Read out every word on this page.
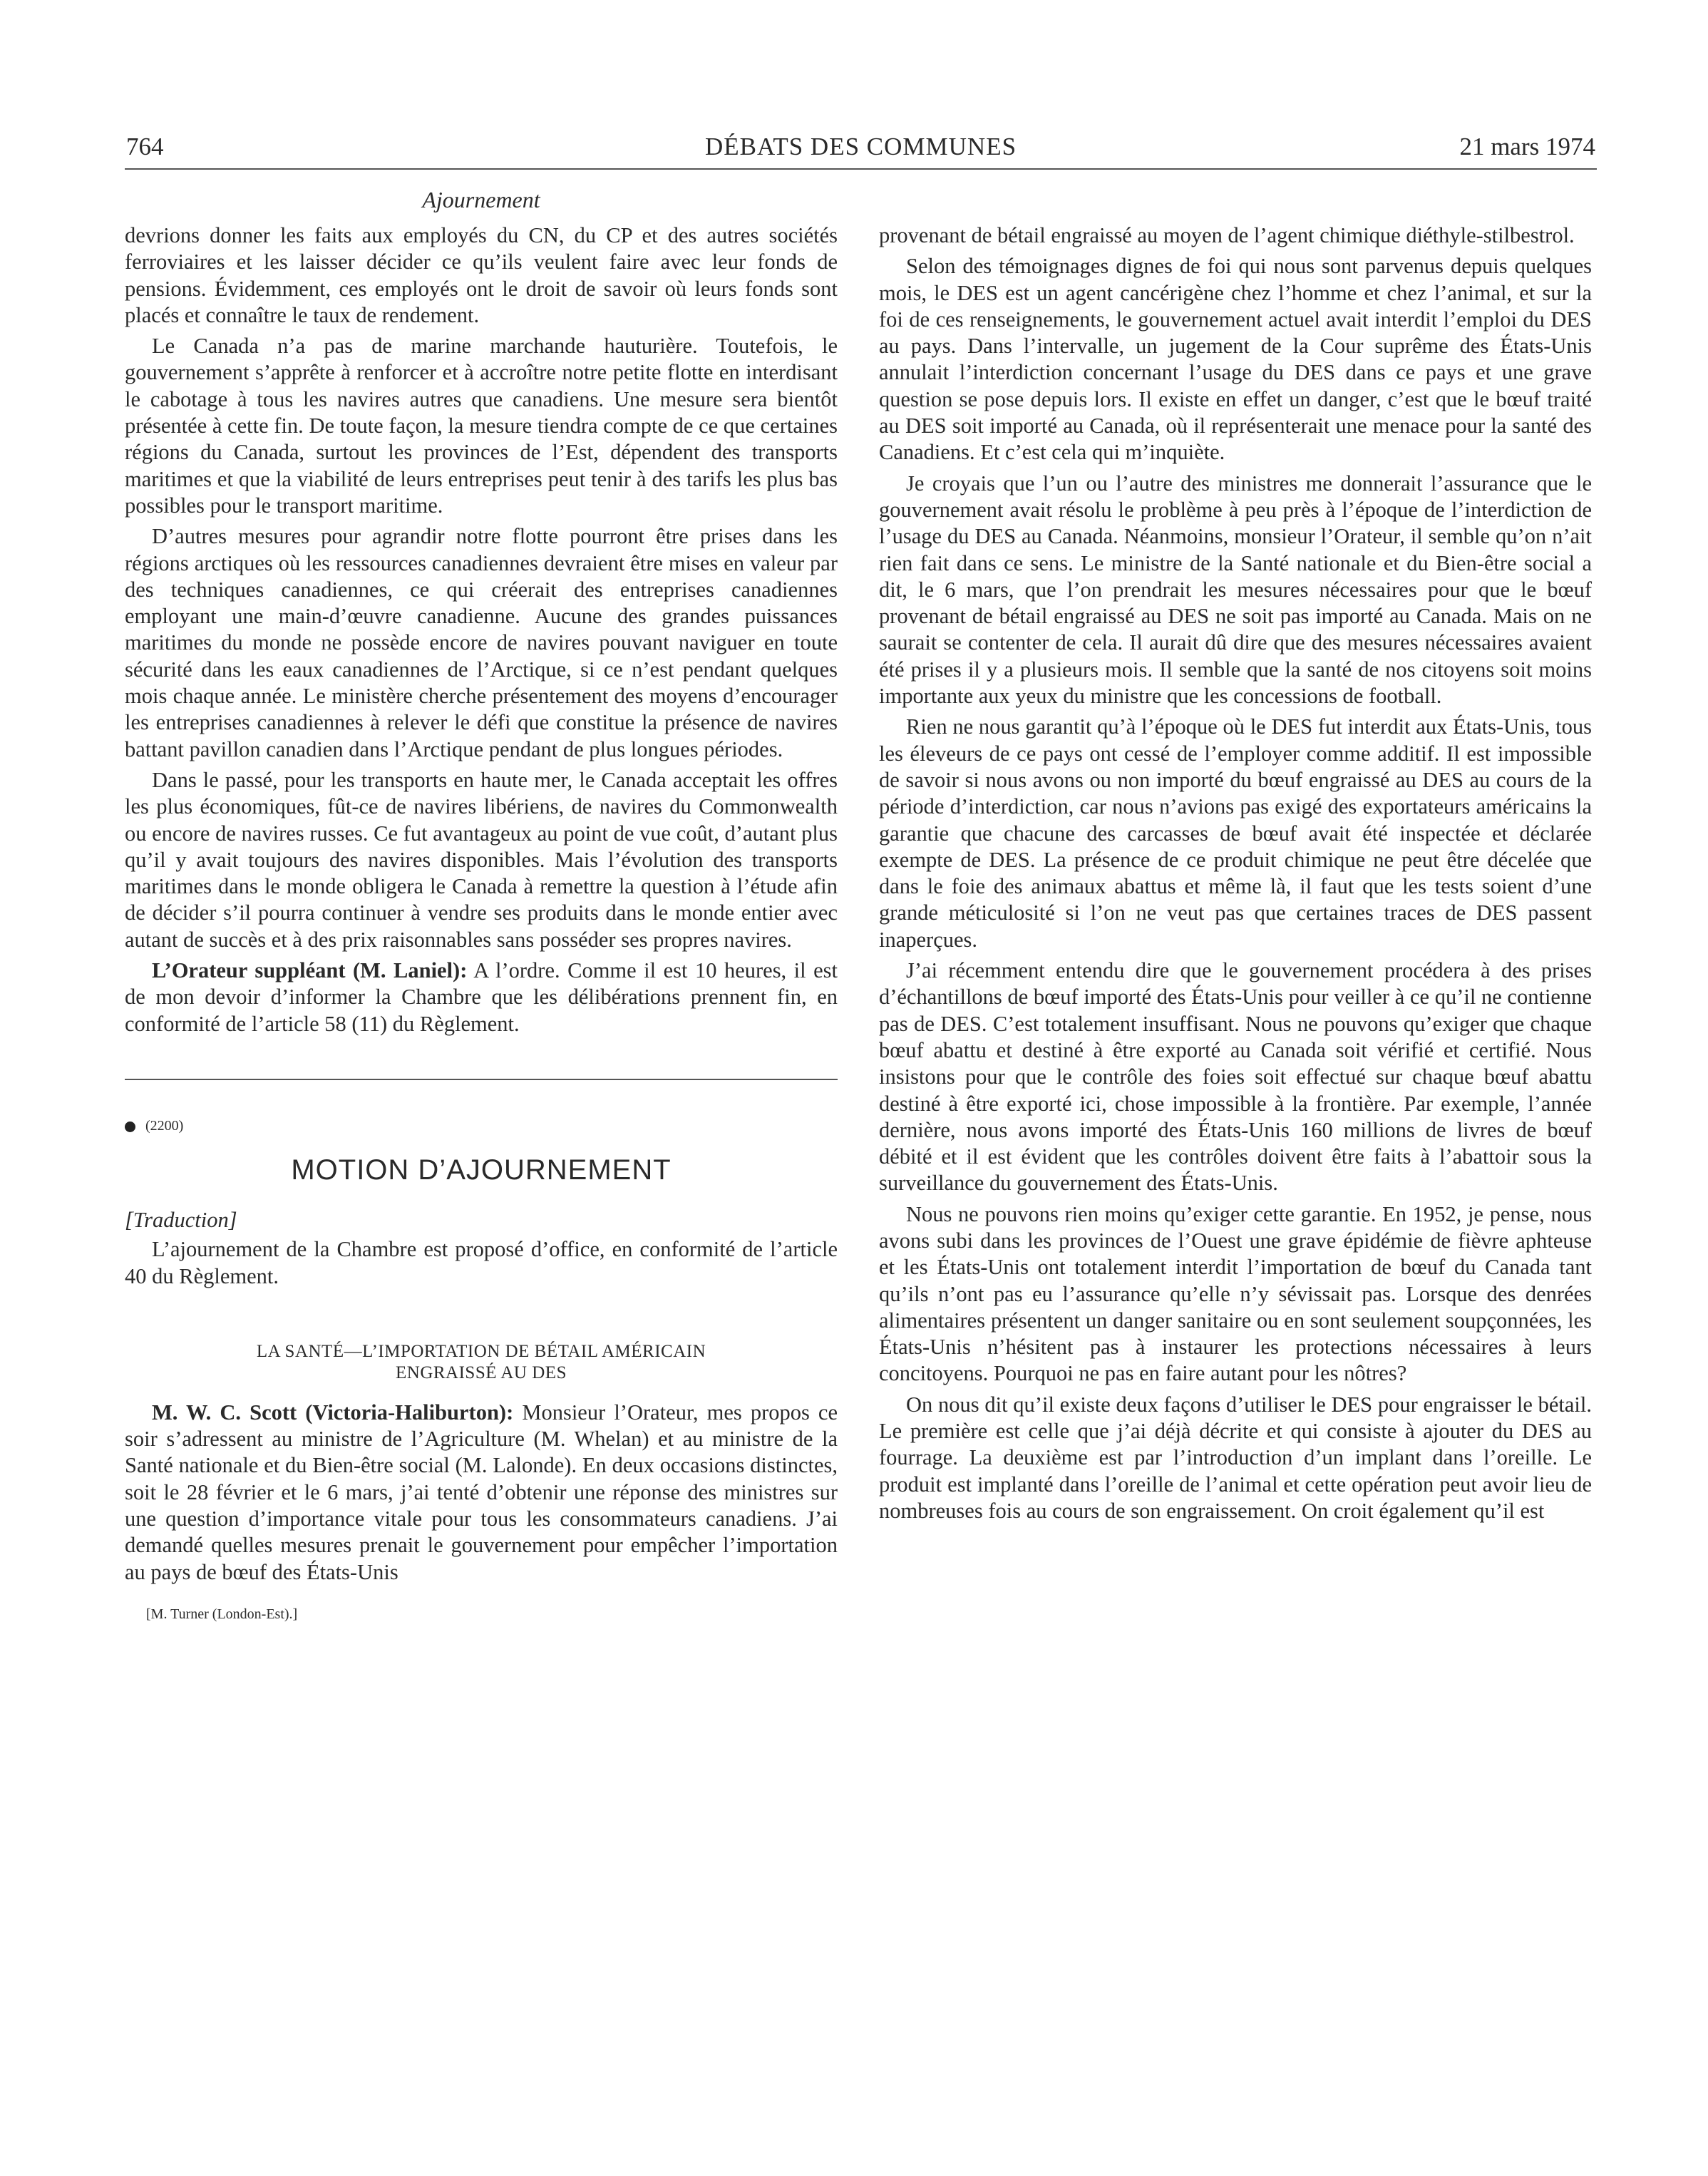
764	DÉBATS DES COMMUNES	21 mars 1974
Ajournement

devrions donner les faits aux employés du CN, du CP et des autres sociétés ferroviaires et les laisser décider ce qu’ils veulent faire avec leur fonds de pensions. Évidemment, ces employés ont le droit de savoir où leurs fonds sont placés et connaître le taux de rendement.

Le Canada n’a pas de marine marchande hauturière. Toutefois, le gouvernement s’apprête à renforcer et à accroître notre petite flotte en interdisant le cabotage à tous les navires autres que canadiens. Une mesure sera bientôt présentée à cette fin. De toute façon, la mesure tiendra compte de ce que certaines régions du Canada, surtout les provinces de l’Est, dépendent des transports maritimes et que la viabilité de leurs entreprises peut tenir à des tarifs les plus bas possibles pour le transport maritime.

D’autres mesures pour agrandir notre flotte pourront être prises dans les régions arctiques où les ressources canadiennes devraient être mises en valeur par des techniques canadiennes, ce qui créerait des entreprises canadiennes employant une main-d’œuvre canadienne. Aucune des grandes puissances maritimes du monde ne possède encore de navires pouvant naviguer en toute sécurité dans les eaux canadiennes de l’Arctique, si ce n’est pendant quelques mois chaque année. Le ministère cherche présentement des moyens d’encourager les entreprises canadiennes à relever le défi que constitue la présence de navires battant pavillon canadien dans l’Arctique pendant de plus longues périodes.

Dans le passé, pour les transports en haute mer, le Canada acceptait les offres les plus économiques, fût-ce de navires libériens, de navires du Commonwealth ou encore de navires russes. Ce fut avantageux au point de vue coût, d’autant plus qu’il y avait toujours des navires disponibles. Mais l’évolution des transports maritimes dans le monde obligera le Canada à remettre la question à l’étude afin de décider s’il pourra continuer à vendre ses produits dans le monde entier avec autant de succès et à des prix raisonnables sans posséder ses propres navires.

L’Orateur suppléant (M. Laniel): A l’ordre. Comme il est 10 heures, il est de mon devoir d’informer la Chambre que les délibérations prennent fin, en conformité de l’article 58 (11) du Règlement.

(2200)
MOTION D’AJOURNEMENT
[Traduction]

L’ajournement de la Chambre est proposé d’office, en conformité de l’article 40 du Règlement.

LA SANTÉ—L’IMPORTATION DE BÉTAIL AMÉRICAIN
ENGRAISSÉ AU DES

M. W. C. Scott (Victoria-Haliburton): Monsieur l’Orateur, mes propos ce soir s’adressent au ministre de l’Agriculture (M. Whelan) et au ministre de la Santé nationale et du Bien-être social (M. Lalonde). En deux occasions distinctes, soit le 28 février et le 6 mars, j’ai tenté d’obtenir une réponse des ministres sur une question d’importance vitale pour tous les consommateurs canadiens. J’ai demandé quelles mesures prenait le gouvernement pour empêcher l’importation au pays de bœuf des États-Unis

[M. Turner (London-Est).]

provenant de bétail engraissé au moyen de l’agent chimique diéthyle-stilbestrol.

Selon des témoignages dignes de foi qui nous sont parvenus depuis quelques mois, le DES est un agent cancérigène chez l’homme et chez l’animal, et sur la foi de ces renseignements, le gouvernement actuel avait interdit l’emploi du DES au pays. Dans l’intervalle, un jugement de la Cour suprême des États-Unis annulait l’interdiction concernant l’usage du DES dans ce pays et une grave question se pose depuis lors. Il existe en effet un danger, c’est que le bœuf traité au DES soit importé au Canada, où il représenterait une menace pour la santé des Canadiens. Et c’est cela qui m’inquiète.

Je croyais que l’un ou l’autre des ministres me donnerait l’assurance que le gouvernement avait résolu le problème à peu près à l’époque de l’interdiction de l’usage du DES au Canada. Néanmoins, monsieur l’Orateur, il semble qu’on n’ait rien fait dans ce sens. Le ministre de la Santé nationale et du Bien-être social a dit, le 6 mars, que l’on prendrait les mesures nécessaires pour que le bœuf provenant de bétail engraissé au DES ne soit pas importé au Canada. Mais on ne saurait se contenter de cela. Il aurait dû dire que des mesures nécessaires avaient été prises il y a plusieurs mois. Il semble que la santé de nos citoyens soit moins importante aux yeux du ministre que les concessions de football.

Rien ne nous garantit qu’à l’époque où le DES fut interdit aux États-Unis, tous les éleveurs de ce pays ont cessé de l’employer comme additif. Il est impossible de savoir si nous avons ou non importé du bœuf engraissé au DES au cours de la période d’interdiction, car nous n’avions pas exigé des exportateurs américains la garantie que chacune des carcasses de bœuf avait été inspectée et déclarée exempte de DES. La présence de ce produit chimique ne peut être décelée que dans le foie des animaux abattus et même là, il faut que les tests soient d’une grande méticulosité si l’on ne veut pas que certaines traces de DES passent inaperçues.

J’ai récemment entendu dire que le gouvernement procédera à des prises d’échantillons de bœuf importé des États-Unis pour veiller à ce qu’il ne contienne pas de DES. C’est totalement insuffisant. Nous ne pouvons qu’exiger que chaque bœuf abattu et destiné à être exporté au Canada soit vérifié et certifié. Nous insistons pour que le contrôle des foies soit effectué sur chaque bœuf abattu destiné à être exporté ici, chose impossible à la frontière. Par exemple, l’année dernière, nous avons importé des États-Unis 160 millions de livres de bœuf débité et il est évident que les contrôles doivent être faits à l’abattoir sous la surveillance du gouvernement des États-Unis.

Nous ne pouvons rien moins qu’exiger cette garantie. En 1952, je pense, nous avons subi dans les provinces de l’Ouest une grave épidémie de fièvre aphteuse et les États-Unis ont totalement interdit l’importation de bœuf du Canada tant qu’ils n’ont pas eu l’assurance qu’elle n’y sévissait pas. Lorsque des denrées alimentaires présentent un danger sanitaire ou en sont seulement soupçonnées, les États-Unis n’hésitent pas à instaurer les protections nécessaires à leurs concitoyens. Pourquoi ne pas en faire autant pour les nôtres?

On nous dit qu’il existe deux façons d’utiliser le DES pour engraisser le bétail. Le première est celle que j’ai déjà décrite et qui consiste à ajouter du DES au fourrage. La deuxième est par l’introduction d’un implant dans l’oreille. Le produit est implanté dans l’oreille de l’animal et cette opération peut avoir lieu de nombreuses fois au cours de son engraissement. On croit également qu’il est
